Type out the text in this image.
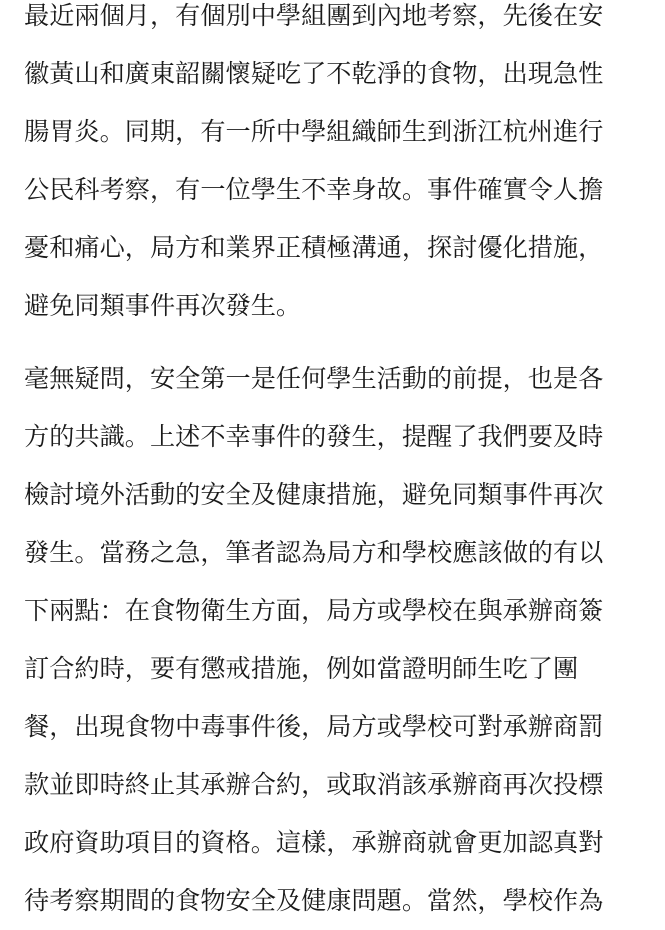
最近兩個月，有個別中學組團到內地考察，先後在安
徽黃山和廣東韶關懷疑吃了不乾淨的食物，出現急性
腸胃炎。同期，有一所中學組織師生到浙江杭州進行
公民科考察，有一位學生不幸身故。事件確實令人擔
憂和痛心，局方和業界正積極溝通，探討優化措施，
避免同類事件再次發生。
毫無疑問，安全第一是任何學生活動的前提，也是各
方的共識。上述不幸事件的發生，提醒了我們要及時
檢討境外活動的安全及健康措施，避免同類事件再次
發生。當務之急，筆者認為局方和學校應該做的有以
下兩點：在食物衛生方面，局方或學校在與承辦商簽
訂合約時，要有懲戒措施，例如當證明師生吃了團
餐，出現食物中毒事件後，局方或學校可對承辦商罰
款並即時終止其承辦合約，或取消該承辦商再次投標
政府資助項目的資格。這樣，承辦商就會更加認真對
待考察期間的食物安全及健康問題。當然，學校作為
